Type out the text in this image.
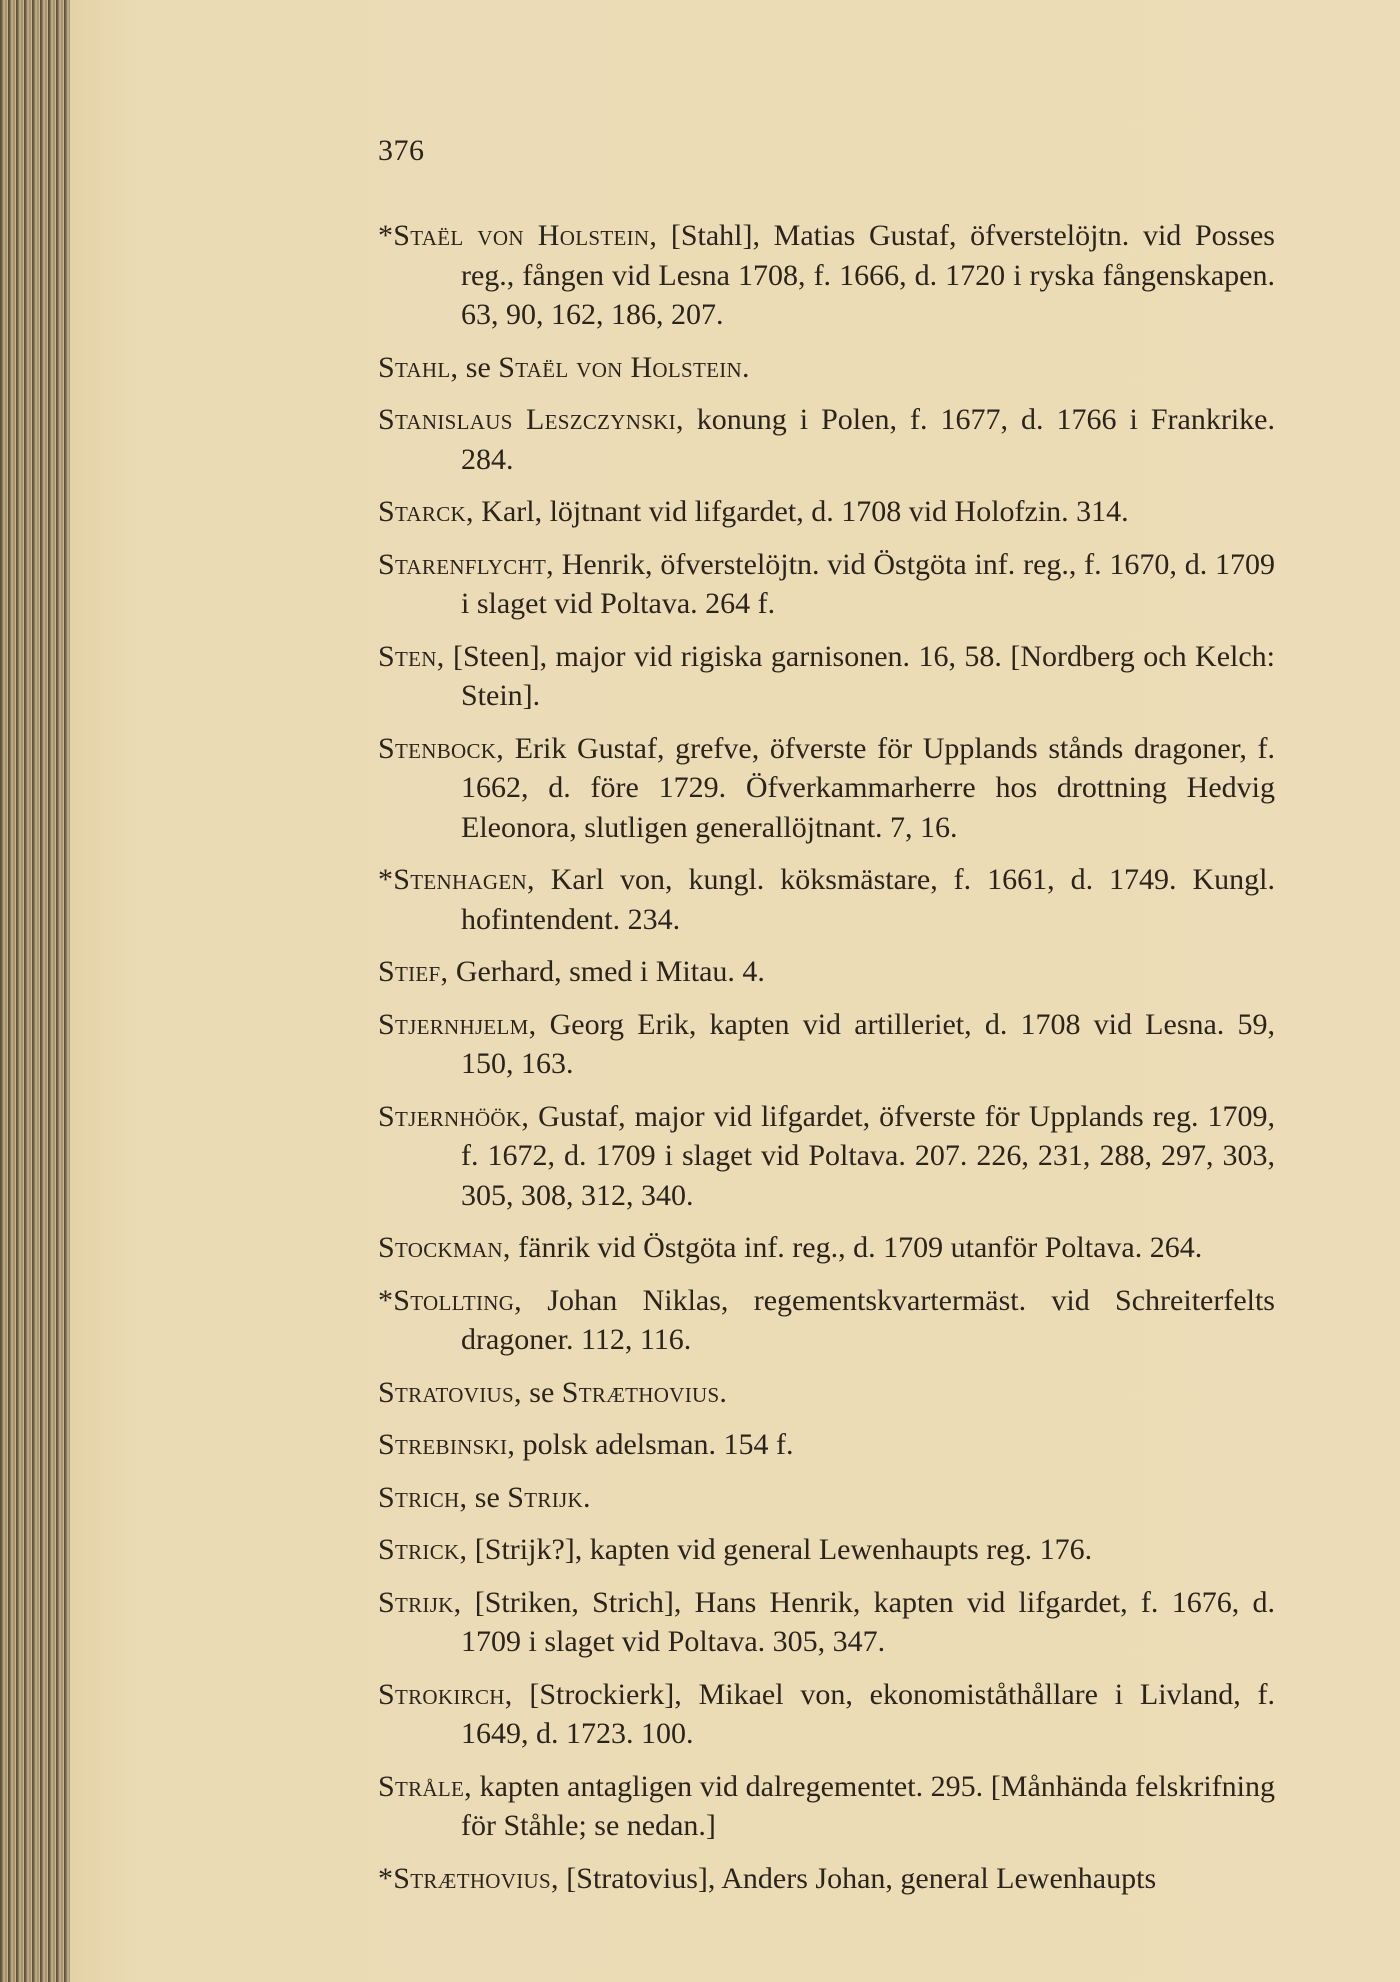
376
*Staël von Holstein, [Stahl], Matias Gustaf, öfverstelöjtn. vid Posses reg., fången vid Lesna 1708, f. 1666, d. 1720 i ryska fångenskapen. 63, 90, 162, 186, 207.
Stahl, se Staël von Holstein.
Stanislaus Leszczynski, konung i Polen, f. 1677, d. 1766 i Frankrike. 284.
Starck, Karl, löjtnant vid lifgardet, d. 1708 vid Holofzin. 314.
Starenflycht, Henrik, öfverstelöjtn. vid Östgöta inf. reg., f. 1670, d. 1709 i slaget vid Poltava. 264 f.
Sten, [Steen], major vid rigiska garnisonen. 16, 58. [Nordberg och Kelch: Stein].
Stenbock, Erik Gustaf, grefve, öfverste för Upplands stånds dragoner, f. 1662, d. före 1729. Öfverkammarherre hos drottning Hedvig Eleonora, slutligen generallöjtnant. 7, 16.
*Stenhagen, Karl von, kungl. köksmästare, f. 1661, d. 1749. Kungl. hofintendent. 234.
Stief, Gerhard, smed i Mitau. 4.
Stjernhjelm, Georg Erik, kapten vid artilleriet, d. 1708 vid Lesna. 59, 150, 163.
Stjernhöök, Gustaf, major vid lifgardet, öfverste för Upplands reg. 1709, f. 1672, d. 1709 i slaget vid Poltava. 207. 226, 231, 288, 297, 303, 305, 308, 312, 340.
Stockman, fänrik vid Östgöta inf. reg., d. 1709 utanför Poltava. 264.
*Stollting, Johan Niklas, regementskvartermäst. vid Schreiterfelts dragoner. 112, 116.
Stratovius, se Stræthovius.
Strebinski, polsk adelsman. 154 f.
Strich, se Strijk.
Strick, [Strijk?], kapten vid general Lewenhaupts reg. 176.
Strijk, [Striken, Strich], Hans Henrik, kapten vid lifgardet, f. 1676, d. 1709 i slaget vid Poltava. 305, 347.
Strokirch, [Strockierk], Mikael von, ekonomiståthållare i Livland, f. 1649, d. 1723. 100.
Stråle, kapten antagligen vid dalregementet. 295. [Månhända felskrifning för Ståhle; se nedan.]
*Stræthovius, [Stratovius], Anders Johan, general Lewenhaupts
